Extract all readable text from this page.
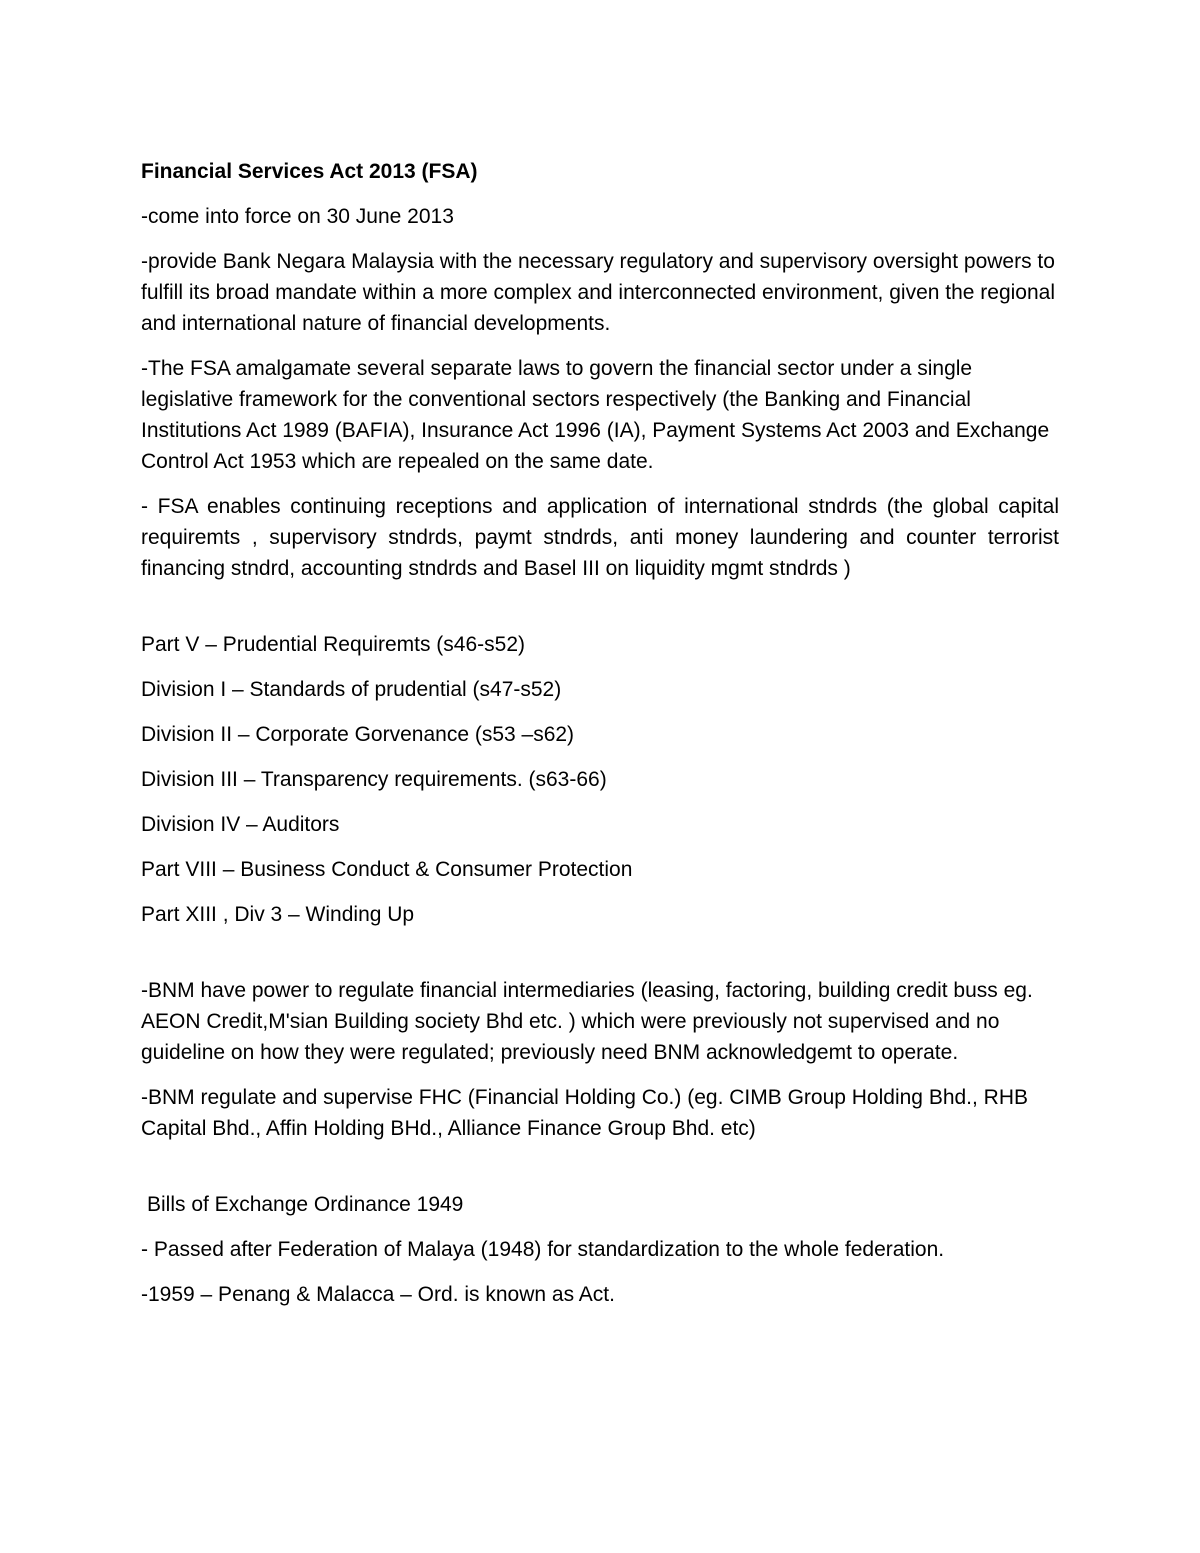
Financial Services Act 2013 (FSA)

-come into force on 30 June 2013

-provide Bank Negara Malaysia with the necessary regulatory and supervisory oversight powers to fulfill its broad mandate within a more complex and interconnected environment, given the regional and international nature of financial developments.

-The FSA amalgamate several separate laws to govern the financial sector under a single legislative framework for the conventional sectors respectively (the Banking and Financial Institutions Act 1989 (BAFIA), Insurance Act 1996 (IA), Payment Systems Act 2003 and Exchange Control Act 1953 which are repealed on the same date.

- FSA enables continuing receptions and application of international stndrds (the global capital requiremts , supervisory stndrds, paymt stndrds, anti money laundering and counter terrorist financing stndrd, accounting stndrds and Basel III on liquidity mgmt stndrds )

Part V – Prudential Requiremts (s46-s52)

Division I – Standards of prudential (s47-s52)

Division II – Corporate Gorvenance (s53 –s62)

Division III – Transparency requirements. (s63-66)

Division IV – Auditors

Part VIII – Business Conduct & Consumer Protection

Part XIII , Div 3 – Winding Up

-BNM have power to regulate financial intermediaries (leasing, factoring, building credit buss eg. AEON Credit,M'sian Building society Bhd etc. ) which were previously not supervised and no guideline on how they were regulated; previously need BNM acknowledgemt to operate.

-BNM regulate and supervise FHC (Financial Holding Co.) (eg. CIMB Group Holding Bhd., RHB Capital Bhd., Affin Holding BHd., Alliance Finance Group Bhd. etc)

Bills of Exchange Ordinance 1949

- Passed after Federation of Malaya (1948) for standardization to the whole federation.

-1959 – Penang & Malacca – Ord. is known as Act.
